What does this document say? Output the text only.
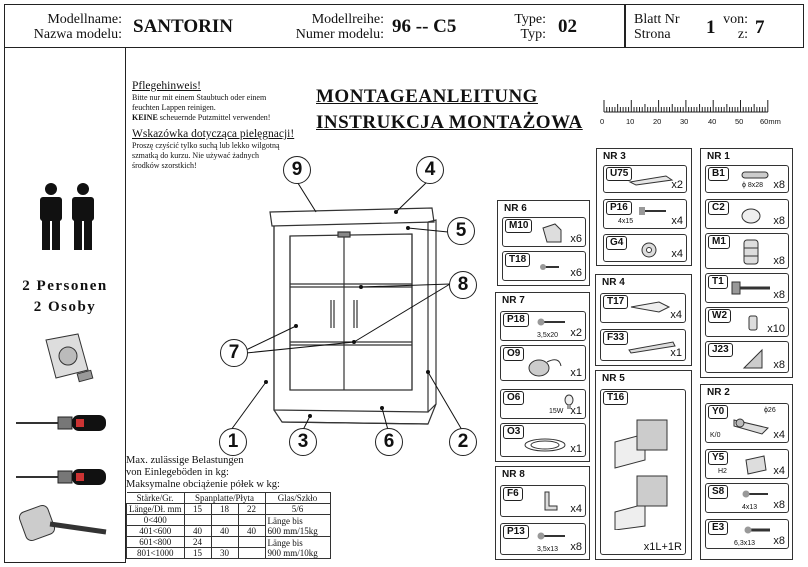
Modellname:
Nazwa modelu: SANTORIN	Modellreihe:
Numer modelu: 96 -- C5	Type:
Typ: 02	Blatt Nr
Strona	1 von:
z: 7
2 Personen
2 Osoby
Pflegehinweis!
Bitte nur mit einem Staubtuch oder einem
feuchten Lappen reinigen.
KEINE scheuernde Putzmittel verwenden!
Wskazówka dotycząca pielęgnacji!
Proszę czyścić tylko suchą lub lekko wilgotną
szmatką do kurzu. Nie używać żadnych
środków szorstkich!
MONTAGEANLEITUNG
INSTRUKCJA MONTAŻOWA 0	10 20 30	40 50 60mm
1	2
3
4
5
6
7
8
9
Max. zulässige Belastungen
von Einlegeböden in kg:
Maksymalne obciążenie półek w kg:
Stärke/Gr.	Spanplatte/Płyta			Glas/Szkło
Länge/Dł. mm	15	18	22	5/6
0<400				Länge bis
600 mm/15kg

401<600	40	40	40	
601<800	24			Länge bis
900 mm/10kg

801<1000	15	30		
NR 3
U75
x2
P16
4x15	x4
G4
x4
NR 1
B1
ϕ 8x28 x8
C2
x8
M1
x8
T1
x8
W2
x10
J23
x8
NR 6
M10
x6
T18
x6
NR 4
T17
x4
F33
x1
NR 7
P18
3,5x20 x2
O9
x1
O6
15W x1
O3
x1
NR 5
T16
x1L+1R
NR 2
Y0	ϕ26
K/0	x4
Y5
H2	x4
S8
4x13 x8
E3
6,3x13 x8
NR 8
F6
x4
P13
3,5x13 x8
